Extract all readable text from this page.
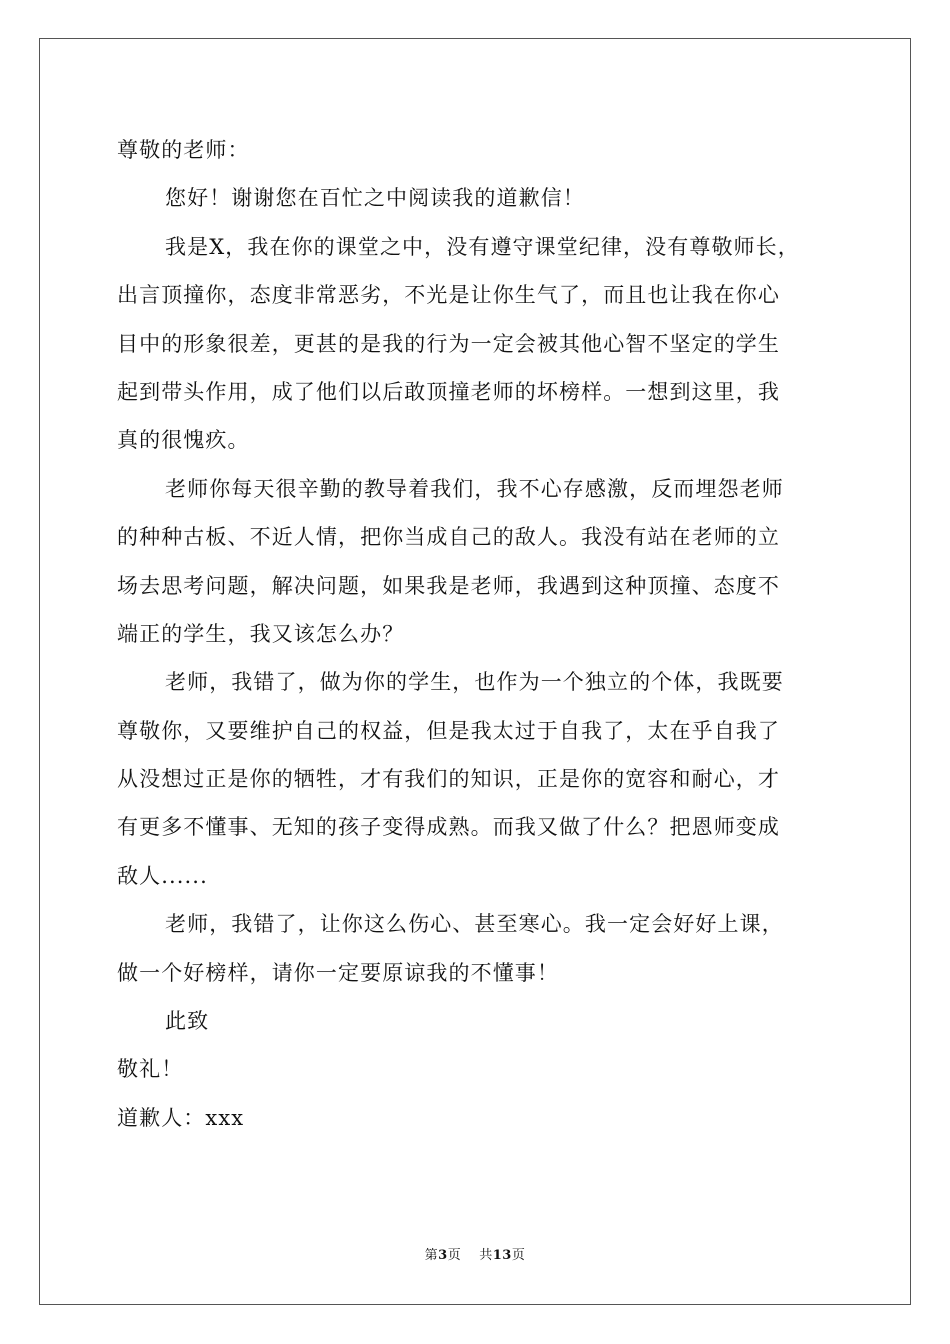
尊敬的老师：
您好！谢谢您在百忙之中阅读我的道歉信！
我是X，我在你的课堂之中，没有遵守课堂纪律，没有尊敬师长，
出言顶撞你，态度非常恶劣，不光是让你生气了，而且也让我在你心
目中的形象很差，更甚的是我的行为一定会被其他心智不坚定的学生
起到带头作用，成了他们以后敢顶撞老师的坏榜样。一想到这里，我
真的很愧疚。
老师你每天很辛勤的教导着我们，我不心存感激，反而埋怨老师
的种种古板、不近人情，把你当成自己的敌人。我没有站在老师的立
场去思考问题，解决问题，如果我是老师，我遇到这种顶撞、态度不
端正的学生，我又该怎么办？
老师，我错了，做为你的学生，也作为一个独立的个体，我既要
尊敬你，又要维护自己的权益，但是我太过于自我了，太在乎自我了
从没想过正是你的牺牲，才有我们的知识，正是你的宽容和耐心，才
有更多不懂事、无知的孩子变得成熟。而我又做了什么？把恩师变成
敌人......
老师，我错了，让你这么伤心、甚至寒心。我一定会好好上课，
做一个好榜样，请你一定要原谅我的不懂事！
此致
敬礼！
道歉人：xxx
第3页 共13页
